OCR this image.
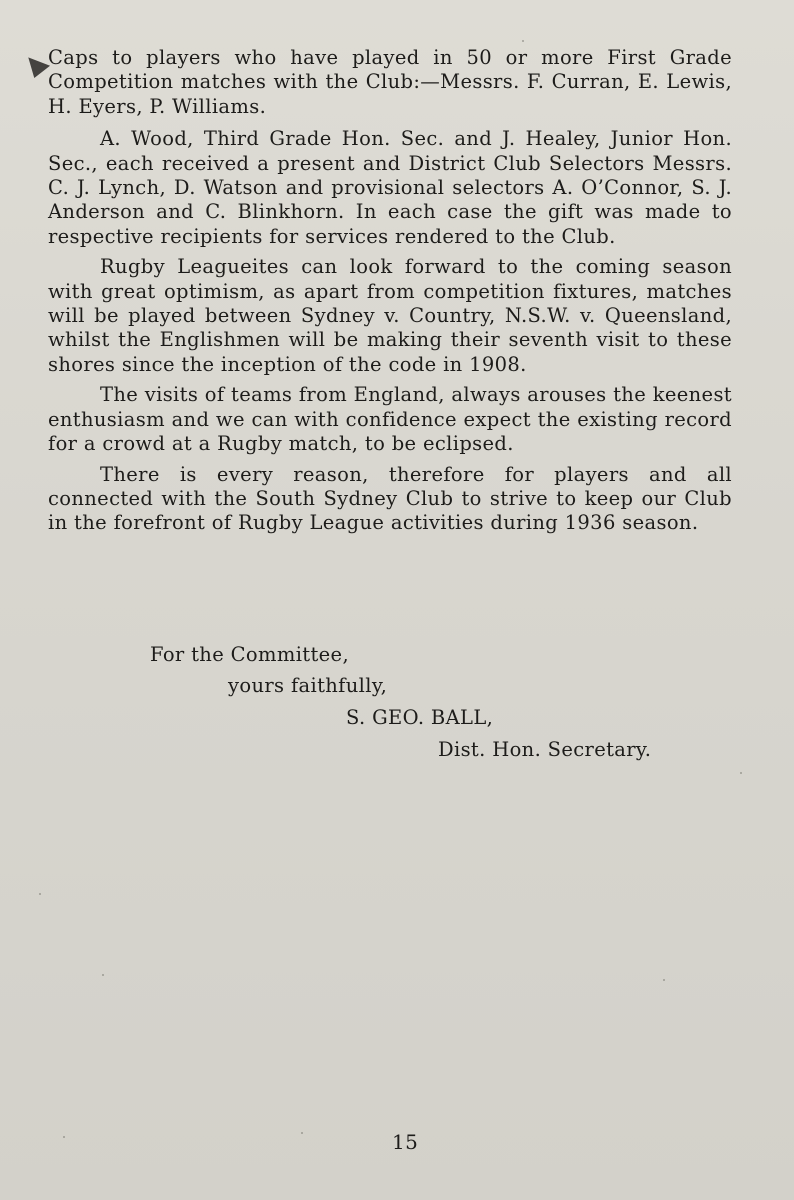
Caps to players who have played in 50 or more First Grade Competition matches with the Club:—Messrs. F. Curran, E. Lewis, H. Eyers, P. Williams.

A. Wood, Third Grade Hon. Sec. and J. Healey, Junior Hon. Sec., each received a present and District Club Selectors Messrs. C. J. Lynch, D. Watson and provisional selectors A. O’Connor, S. J. Anderson and C. Blinkhorn. In each case the gift was made to respective recipients for services rendered to the Club.

Rugby Leagueites can look forward to the coming season with great optimism, as apart from competition fixtures, matches will be played between Sydney v. Country, N.S.W. v. Queensland, whilst the Englishmen will be making their seventh visit to these shores since the inception of the code in 1908.

The visits of teams from England, always arouses the keenest enthusiasm and we can with confidence expect the existing record for a crowd at a Rugby match, to be eclipsed.

There is every reason, therefore for players and all connected with the South Sydney Club to strive to keep our Club in the forefront of Rugby League activities during 1936 season.

For the Committee,
yours faithfully,
S. GEO. BALL,
Dist. Hon. Secretary.
15
